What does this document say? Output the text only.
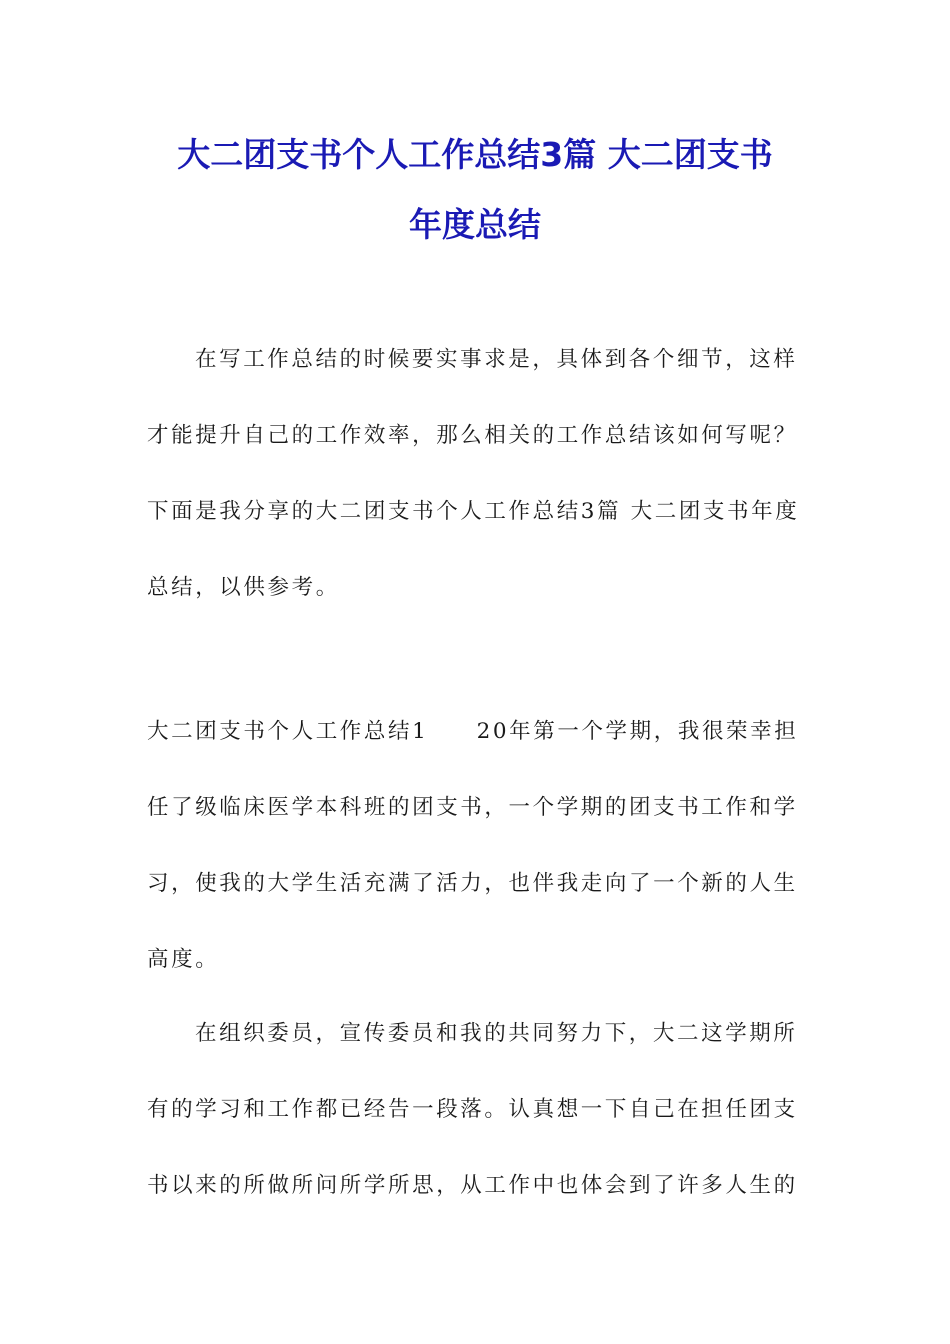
大二团支书个人工作总结3篇 大二团支书
年度总结
在写工作总结的时候要实事求是，具体到各个细节，这样
才能提升自己的工作效率，那么相关的工作总结该如何写呢？
下面是我分享的大二团支书个人工作总结3篇 大二团支书年度
总结，以供参考。
大二团支书个人工作总结1　　20年第一个学期，我很荣幸担
任了级临床医学本科班的团支书，一个学期的团支书工作和学
习，使我的大学生活充满了活力，也伴我走向了一个新的人生
高度。
在组织委员，宣传委员和我的共同努力下，大二这学期所
有的学习和工作都已经告一段落。认真想一下自己在担任团支
书以来的所做所问所学所思，从工作中也体会到了许多人生的
